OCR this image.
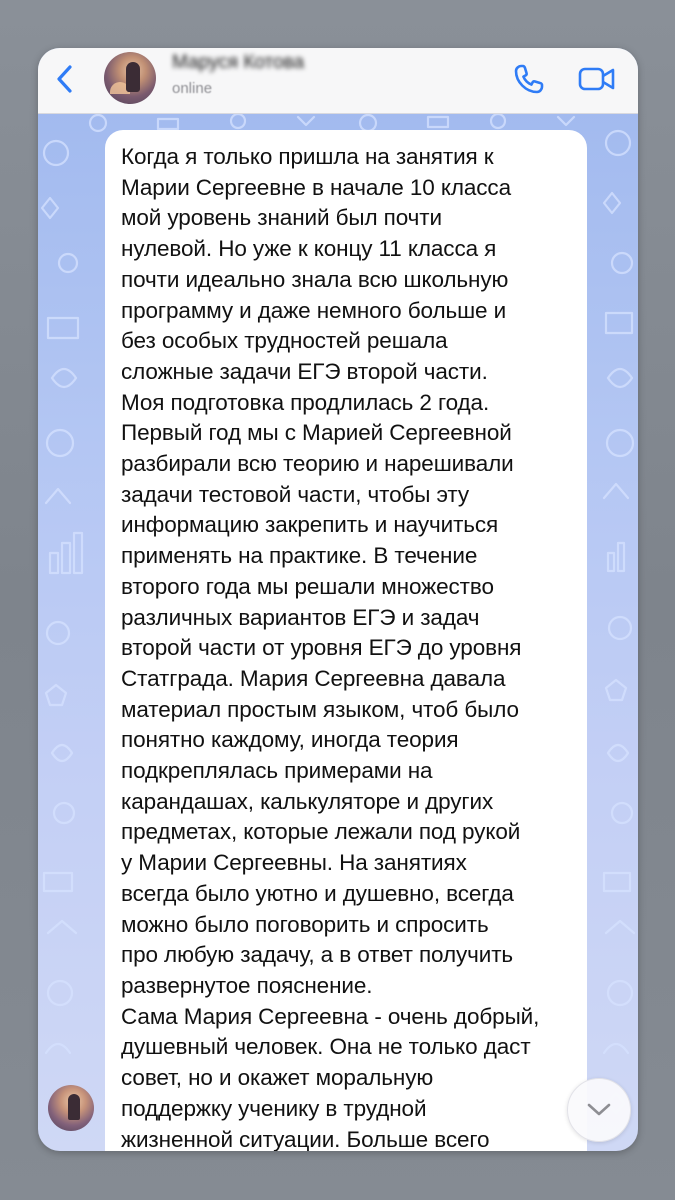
Маруся Котова
online
Когда я только пришла на занятия к
Марии Сергеевне в начале 10 класса
мой уровень знаний был почти
нулевой. Но уже к концу 11 класса я
почти идеально знала всю школьную
программу и даже немного больше и
без особых трудностей решала
сложные задачи ЕГЭ второй части.
Моя подготовка продлилась 2 года.
Первый год мы с Марией Сергеевной
разбирали всю теорию и нарешивали
задачи тестовой части, чтобы эту
информацию закрепить и научиться
применять на практике. В течение
второго года мы решали множество
различных вариантов ЕГЭ и задач
второй части от уровня ЕГЭ до уровня
Статграда. Мария Сергеевна давала
материал простым языком, чтоб было
понятно каждому, иногда теория
подкреплялась примерами на
карандашах, калькуляторе и других
предметах, которые лежали под рукой
у Марии Сергеевны. На занятиях
всегда было уютно и душевно, всегда
можно было поговорить и спросить
про любую задачу, а в ответ получить
развернутое пояснение.
Сама Мария Сергеевна - очень добрый,
душевный человек. Она не только даст
совет, но и окажет моральную
поддержку ученику в трудной
жизненной ситуации. Больше всего
